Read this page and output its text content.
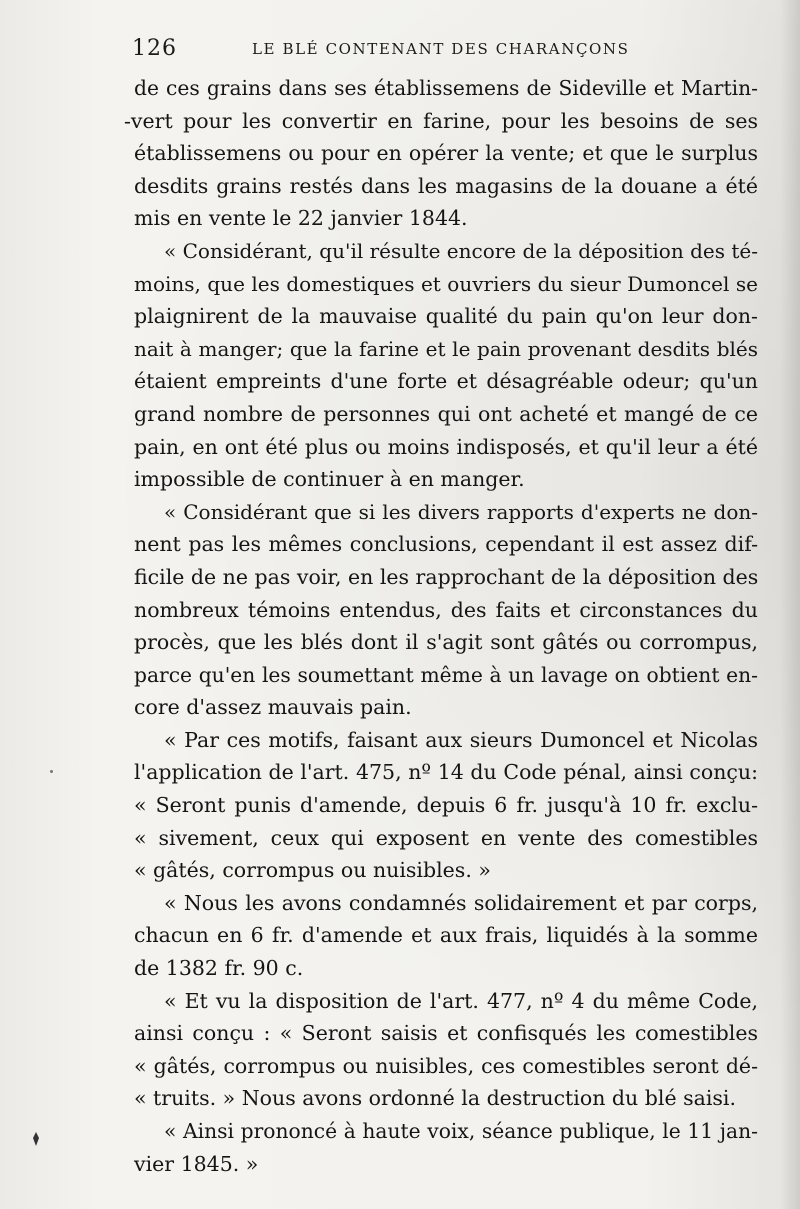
126	LE BLÉ CONTENANT DES CHARANÇONS
de ces grains dans ses établissemens de Sideville et Martin-
-vert pour les convertir en farine, pour les besoins de ses
établissemens ou pour en opérer la vente; et que le surplus
desdits grains restés dans les magasins de la douane a été
mis en vente le 22 janvier 1844.
« Considérant, qu'il résulte encore de la déposition des té-
moins, que les domestiques et ouvriers du sieur Dumoncel se
plaignirent de la mauvaise qualité du pain qu'on leur don-
nait à manger; que la farine et le pain provenant desdits blés
étaient empreints d'une forte et désagréable odeur; qu'un
grand nombre de personnes qui ont acheté et mangé de ce
pain, en ont été plus ou moins indisposés, et qu'il leur a été
impossible de continuer à en manger.
« Considérant que si les divers rapports d'experts ne don-
nent pas les mêmes conclusions, cependant il est assez dif-
ficile de ne pas voir, en les rapprochant de la déposition des
nombreux témoins entendus, des faits et circonstances du
procès, que les blés dont il s'agit sont gâtés ou corrompus,
parce qu'en les soumettant même à un lavage on obtient en-
core d'assez mauvais pain.
« Par ces motifs, faisant aux sieurs Dumoncel et Nicolas
l'application de l'art. 475, nº 14 du Code pénal, ainsi conçu:
« Seront punis d'amende, depuis 6 fr. jusqu'à 10 fr. exclu-
« sivement, ceux qui exposent en vente des comestibles
« gâtés, corrompus ou nuisibles. »
« Nous les avons condamnés solidairement et par corps,
chacun en 6 fr. d'amende et aux frais, liquidés à la somme
de 1382 fr. 90 c.
« Et vu la disposition de l'art. 477, nº 4 du même Code,
ainsi conçu : « Seront saisis et confisqués les comestibles
« gâtés, corrompus ou nuisibles, ces comestibles seront dé-
« truits. » Nous avons ordonné la destruction du blé saisi.
« Ainsi prononcé à haute voix, séance publique, le 11 jan-
vier 1845. »
